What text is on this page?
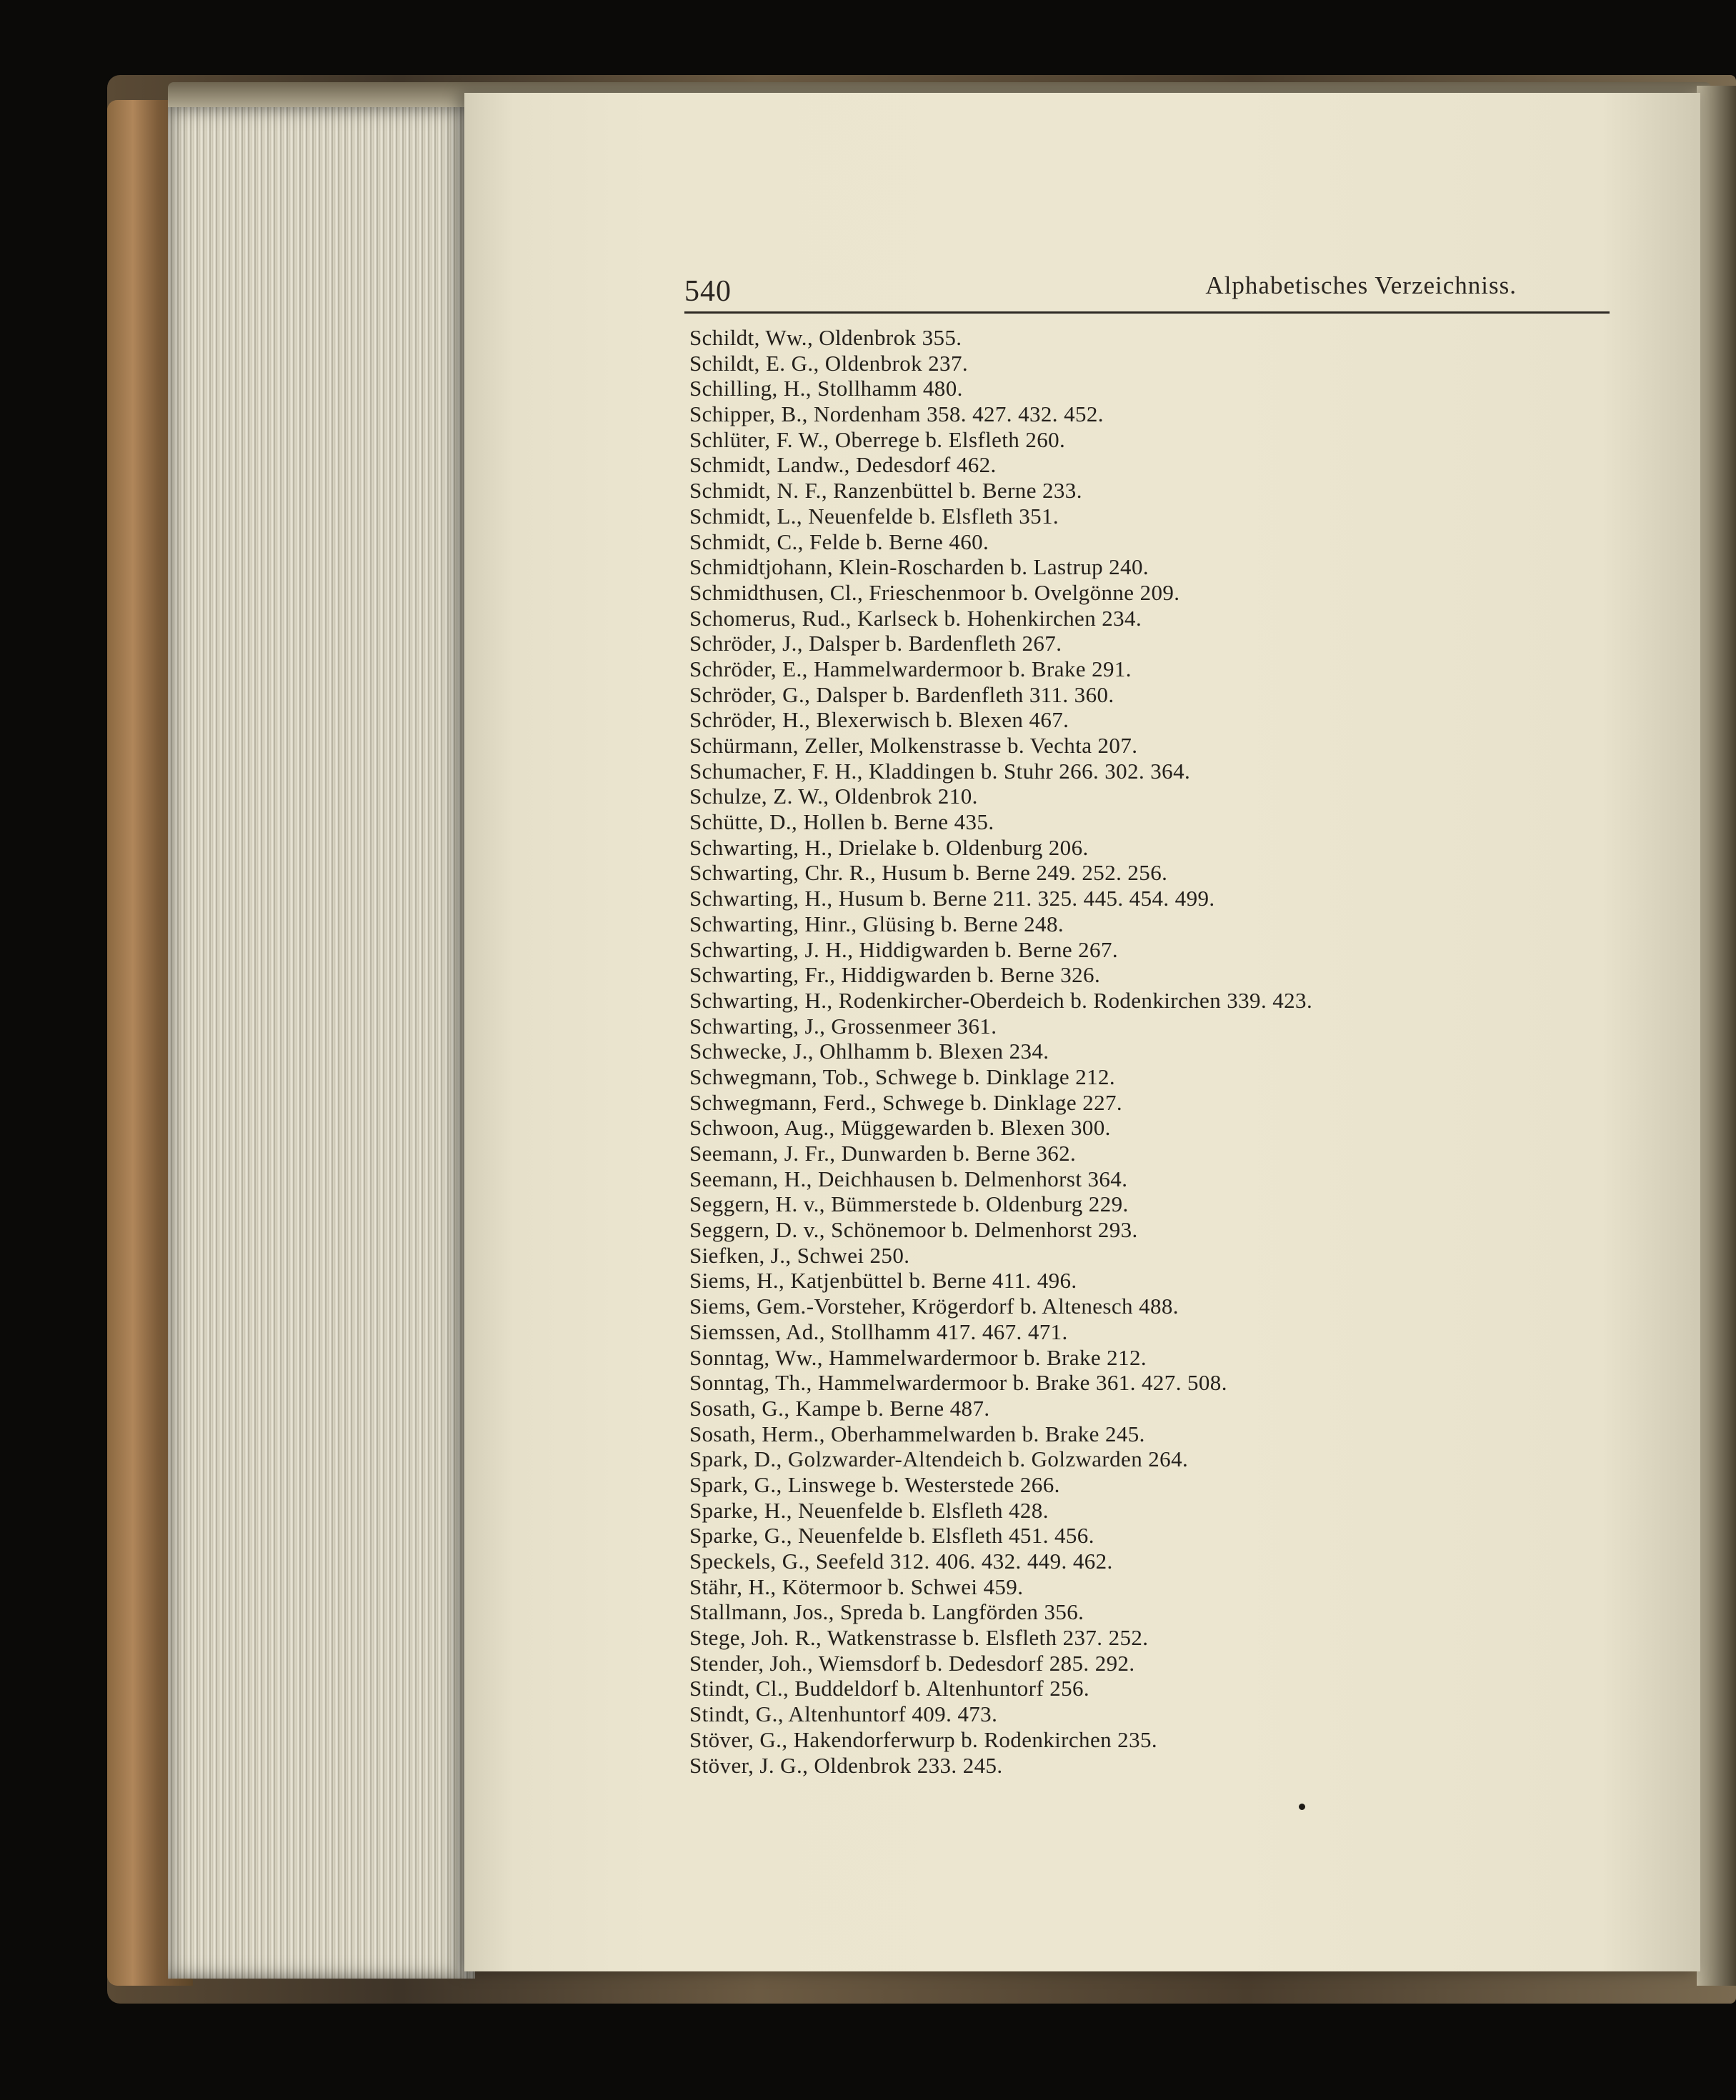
540	Alphabetisches Verzeichniss.
Schildt, Ww., Oldenbrok 355.
Schildt, E. G., Oldenbrok 237.
Schilling, H., Stollhamm 480.
Schipper, B., Nordenham 358. 427. 432. 452.
Schlüter, F. W., Oberrege b. Elsfleth 260.
Schmidt, Landw., Dedesdorf 462.
Schmidt, N. F., Ranzenbüttel b. Berne 233.
Schmidt, L., Neuenfelde b. Elsfleth 351.
Schmidt, C., Felde b. Berne 460.
Schmidtjohann, Klein-Roscharden b. Lastrup 240.
Schmidthusen, Cl., Frieschenmoor b. Ovelgönne 209.
Schomerus, Rud., Karlseck b. Hohenkirchen 234.
Schröder, J., Dalsper b. Bardenfleth 267.
Schröder, E., Hammelwardermoor b. Brake 291.
Schröder, G., Dalsper b. Bardenfleth 311. 360.
Schröder, H., Blexerwisch b. Blexen 467.
Schürmann, Zeller, Molkenstrasse b. Vechta 207.
Schumacher, F. H., Kladdingen b. Stuhr 266. 302. 364.
Schulze, Z. W., Oldenbrok 210.
Schütte, D., Hollen b. Berne 435.
Schwarting, H., Drielake b. Oldenburg 206.
Schwarting, Chr. R., Husum b. Berne 249. 252. 256.
Schwarting, H., Husum b. Berne 211. 325. 445. 454. 499.
Schwarting, Hinr., Glüsing b. Berne 248.
Schwarting, J. H., Hiddigwarden b. Berne 267.
Schwarting, Fr., Hiddigwarden b. Berne 326.
Schwarting, H., Rodenkircher-Oberdeich b. Rodenkirchen 339. 423.
Schwarting, J., Grossenmeer 361.
Schwecke, J., Ohlhamm b. Blexen 234.
Schwegmann, Tob., Schwege b. Dinklage 212.
Schwegmann, Ferd., Schwege b. Dinklage 227.
Schwoon, Aug., Müggewarden b. Blexen 300.
Seemann, J. Fr., Dunwarden b. Berne 362.
Seemann, H., Deichhausen b. Delmenhorst 364.
Seggern, H. v., Bümmerstede b. Oldenburg 229.
Seggern, D. v., Schönemoor b. Delmenhorst 293.
Siefken, J., Schwei 250.
Siems, H., Katjenbüttel b. Berne 411. 496.
Siems, Gem.-Vorsteher, Krögerdorf b. Altenesch 488.
Siemssen, Ad., Stollhamm 417. 467. 471.
Sonntag, Ww., Hammelwardermoor b. Brake 212.
Sonntag, Th., Hammelwardermoor b. Brake 361. 427. 508.
Sosath, G., Kampe b. Berne 487.
Sosath, Herm., Oberhammelwarden b. Brake 245.
Spark, D., Golzwarder-Altendeich b. Golzwarden 264.
Spark, G., Linswege b. Westerstede 266.
Sparke, H., Neuenfelde b. Elsfleth 428.
Sparke, G., Neuenfelde b. Elsfleth 451. 456.
Speckels, G., Seefeld 312. 406. 432. 449. 462.
Stähr, H., Kötermoor b. Schwei 459.
Stallmann, Jos., Spreda b. Langförden 356.
Stege, Joh. R., Watkenstrasse b. Elsfleth 237. 252.
Stender, Joh., Wiemsdorf b. Dedesdorf 285. 292.
Stindt, Cl., Buddeldorf b. Altenhuntorf 256.
Stindt, G., Altenhuntorf 409. 473.
Stöver, G., Hakendorferwurp b. Rodenkirchen 235.
Stöver, J. G., Oldenbrok 233. 245.
